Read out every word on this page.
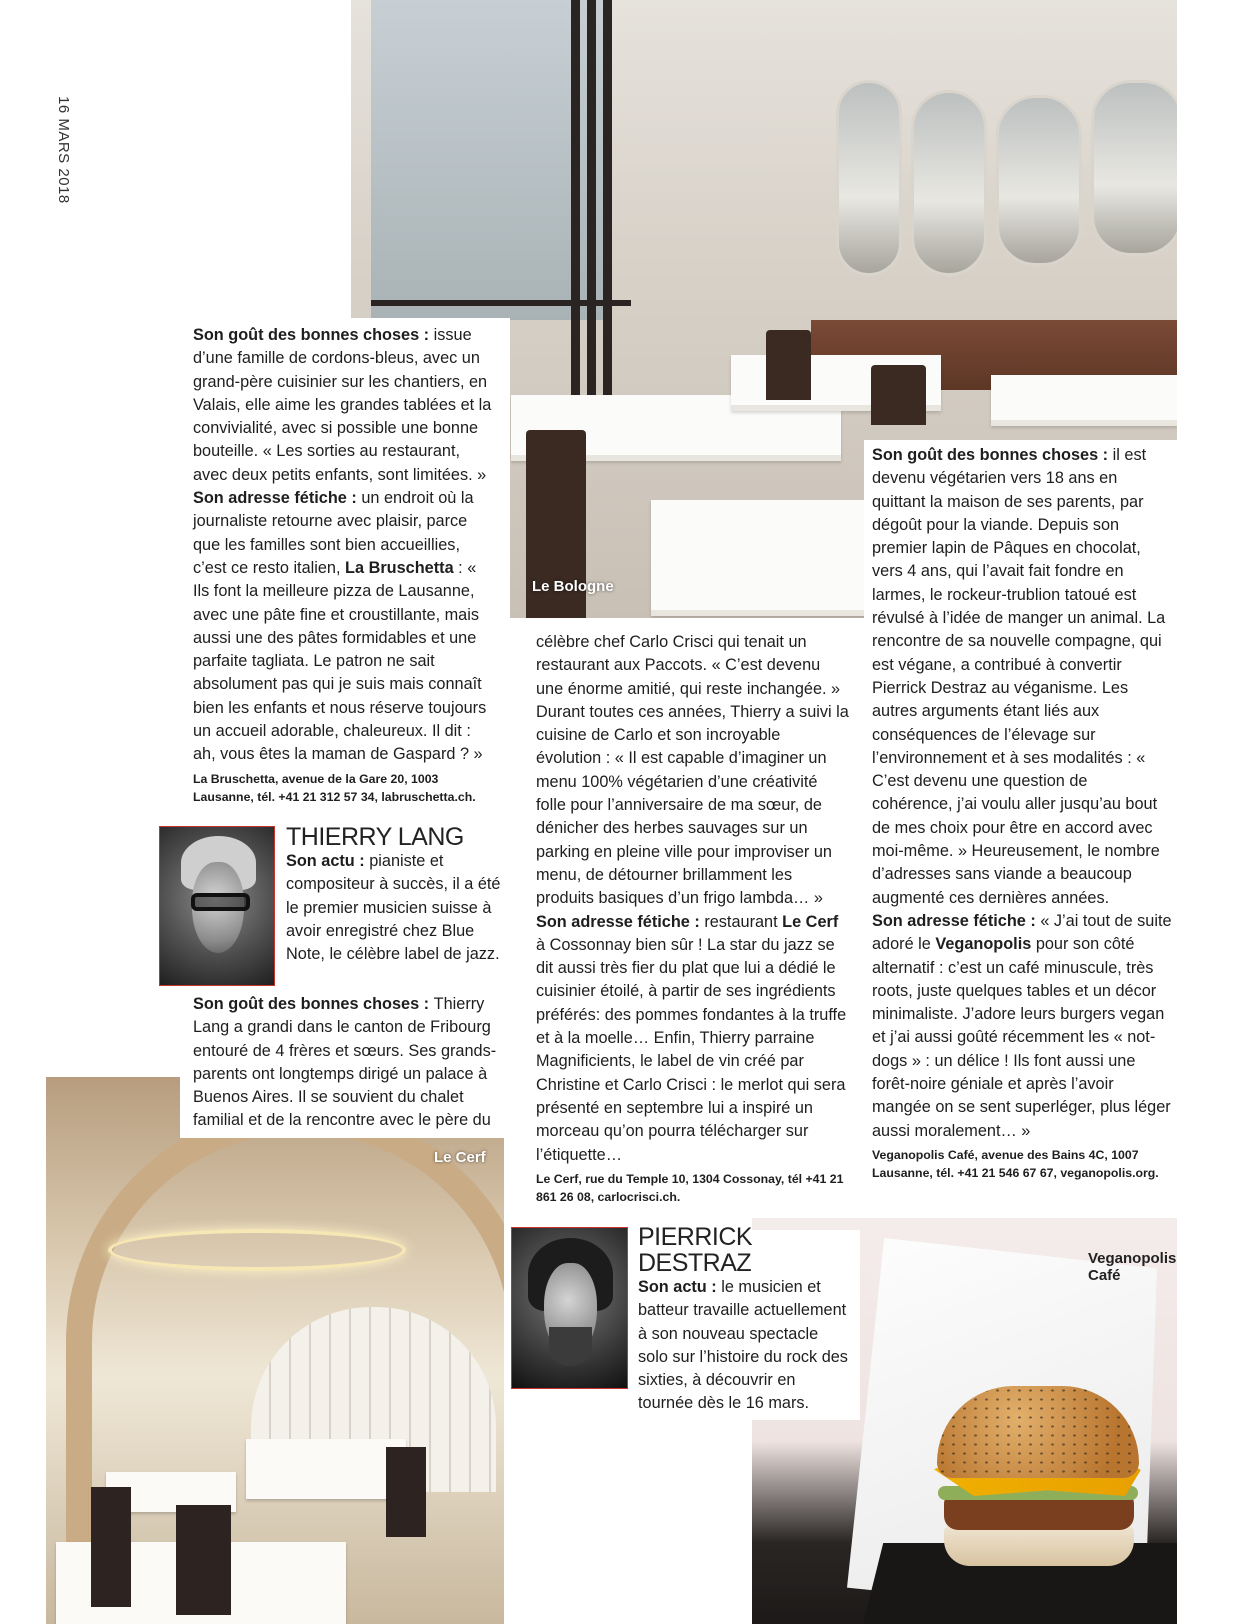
16 MARS 2018
Le Bologne
Le Cerf
Veganopolis Café

Son goût des bonnes choses : issue d’une famille de cordons-bleus, avec un grand-père cuisinier sur les chantiers, en Valais, elle aime les grandes tablées et la convivialité, avec si possible une bonne bouteille. « Les sorties au restaurant, avec deux petits enfants, sont limitées. »
Son adresse fétiche : un endroit où la journaliste retourne avec plaisir, parce que les familles sont bien accueillies, c’est ce resto italien, La Bruschetta : « Ils font la meilleure pizza de Lausanne, avec une pâte fine et croustillante, mais aussi une des pâtes formidables et une parfaite tagliata. Le patron ne sait absolument pas qui je suis mais connaît bien les enfants et nous réserve toujours un accueil adorable, chaleureux. Il dit : ah, vous êtes la maman de Gaspard ? »

La Bruschetta, avenue de la Gare 20, 1003 Lausanne, tél. +41 21 312 57 34, labruschetta.ch.

THIERRY LANG

Son actu : pianiste et compositeur à succès, il a été le premier musicien suisse à avoir enregistré chez Blue Note, le célèbre label de jazz.

Son goût des bonnes choses : Thierry Lang a grandi dans le canton de Fribourg entouré de 4 frères et sœurs. Ses grands-parents ont longtemps dirigé un palace à Buenos Aires. Il se souvient du chalet familial et de la rencontre avec le père du

célèbre chef Carlo Crisci qui tenait un restaurant aux Paccots. « C’est devenu une énorme amitié, qui reste inchangée. » Durant toutes ces années, Thierry a suivi la cuisine de Carlo et son incroyable évolution : « Il est capable d’imaginer un menu 100% végétarien d’une créativité folle pour l’anniversaire de ma sœur, de dénicher des herbes sauvages sur un parking en pleine ville pour improviser un menu, de détourner brillamment les produits basiques d’un frigo lambda… »
Son adresse fétiche : restaurant Le Cerf à Cossonnay bien sûr ! La star du jazz se dit aussi très fier du plat que lui a dédié le cuisinier étoilé, à partir de ses ingrédients préférés: des pommes fondantes à la truffe et à la moelle… Enfin, Thierry parraine Magnificients, le label de vin créé par Christine et Carlo Crisci : le merlot qui sera présenté en septembre lui a inspiré un morceau qu’on pourra télécharger sur l’étiquette…

Le Cerf, rue du Temple 10, 1304 Cossonay, tél +41 21 861 26 08, carlocrisci.ch.

PIERRICK DESTRAZ

Son actu : le musicien et batteur travaille actuellement à son nouveau spectacle solo sur l’histoire du rock des sixties, à découvrir en tournée dès le 16 mars.

Son goût des bonnes choses : il est devenu végétarien vers 18 ans en quittant la maison de ses parents, par dégoût pour la viande. Depuis son premier lapin de Pâques en chocolat, vers 4 ans, qui l’avait fait fondre en larmes, le rockeur-trublion tatoué est révulsé à l’idée de manger un animal. La rencontre de sa nouvelle compagne, qui est végane, a contribué à convertir Pierrick Destraz au véganisme. Les autres arguments étant liés aux conséquences de l’élevage sur l’environnement et à ses modalités : « C’est devenu une question de cohérence, j’ai voulu aller jusqu’au bout de mes choix pour être en accord avec moi-même. » Heureusement, le nombre d’adresses sans viande a beaucoup augmenté ces dernières années.
Son adresse fétiche : « J’ai tout de suite adoré le Veganopolis pour son côté alternatif : c’est un café minuscule, très roots, juste quelques tables et un décor minimaliste. J’adore leurs burgers vegan et j’ai aussi goûté récemment les « not-dogs » : un délice ! Ils font aussi une forêt-noire géniale et après l’avoir mangée on se sent superléger, plus léger aussi moralement… »

Veganopolis Café, avenue des Bains 4C, 1007 Lausanne, tél. +41 21 546 67 67, veganopolis.org.
